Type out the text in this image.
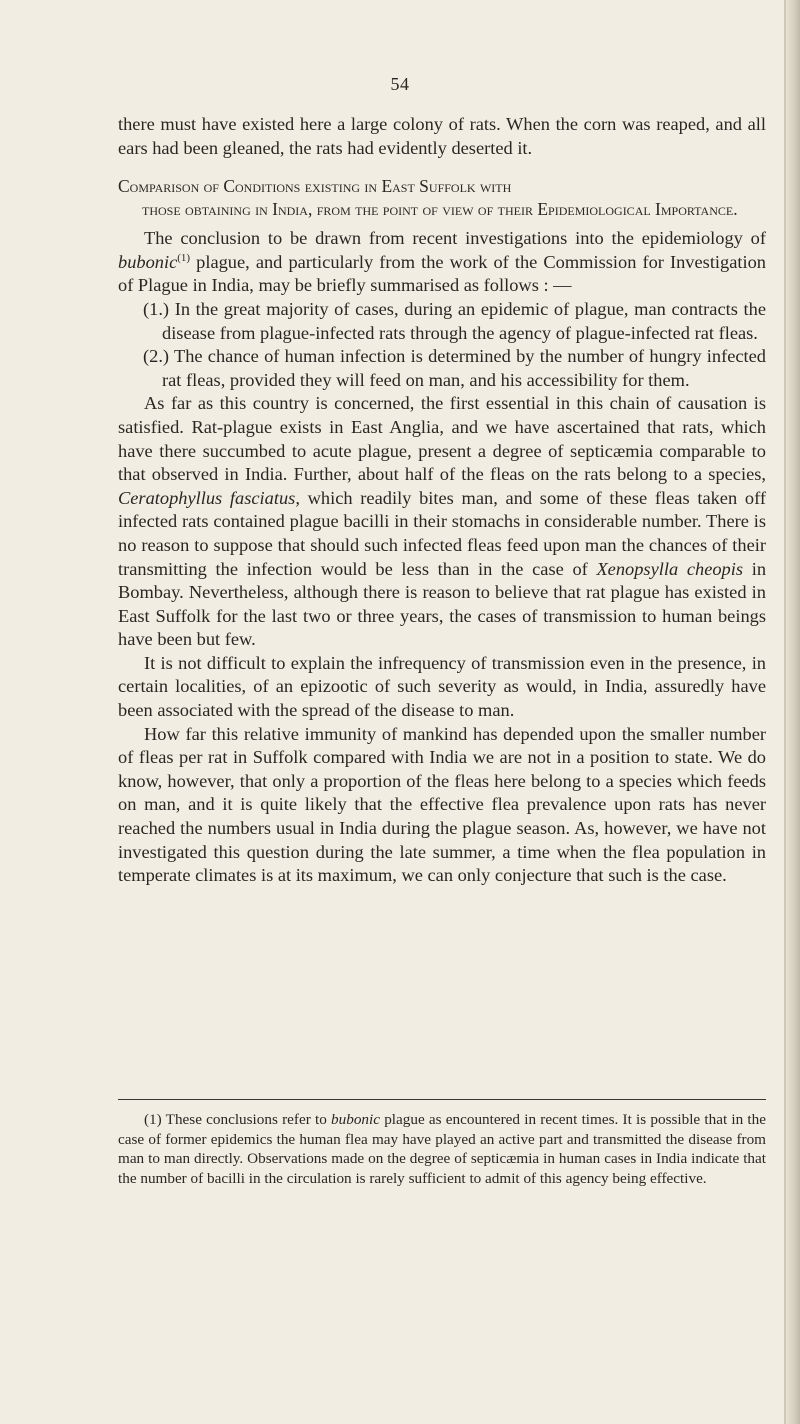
54

there must have existed here a large colony of rats. When the corn was reaped, and all ears had been gleaned, the rats had evidently deserted it.

Comparison of Conditions existing in East Suffolk with
those obtaining in India, from the point of view of their Epidemiological Importance.

The conclusion to be drawn from recent investigations into the epidemiology of bubonic$^{(1)}$ plague, and particularly from the work of the Commission for Investigation of Plague in India, may be briefly summarised as follows : —

(1.) In the great majority of cases, during an epidemic of plague, man contracts the disease from plague-infected rats through the agency of plague-infected rat fleas.

(2.) The chance of human infection is determined by the number of hungry infected rat fleas, provided they will feed on man, and his accessibility for them.

As far as this country is concerned, the first essential in this chain of causation is satisfied. Rat-plague exists in East Anglia, and we have ascertained that rats, which have there succumbed to acute plague, present a degree of septicæmia comparable to that observed in India. Further, about half of the fleas on the rats belong to a species, Ceratophyllus fasciatus, which readily bites man, and some of these fleas taken off infected rats contained plague bacilli in their stomachs in considerable number. There is no reason to suppose that should such infected fleas feed upon man the chances of their transmitting the infection would be less than in the case of Xenopsylla cheopis in Bombay. Nevertheless, although there is reason to believe that rat plague has existed in East Suffolk for the last two or three years, the cases of transmission to human beings have been but few.

It is not difficult to explain the infrequency of transmission even in the presence, in certain localities, of an epizootic of such severity as would, in India, assuredly have been associated with the spread of the disease to man.

How far this relative immunity of mankind has depended upon the smaller number of fleas per rat in Suffolk compared with India we are not in a position to state. We do know, however, that only a proportion of the fleas here belong to a species which feeds on man, and it is quite likely that the effective flea prevalence upon rats has never reached the numbers usual in India during the plague season. As, however, we have not investigated this question during the late summer, a time when the flea population in temperate climates is at its maximum, we can only conjecture that such is the case.

(1) These conclusions refer to bubonic plague as encountered in recent times. It is possible that in the case of former epidemics the human flea may have played an active part and transmitted the disease from man to man directly. Observations made on the degree of septicæmia in human cases in India indicate that the number of bacilli in the circulation is rarely sufficient to admit of this agency being effective.
